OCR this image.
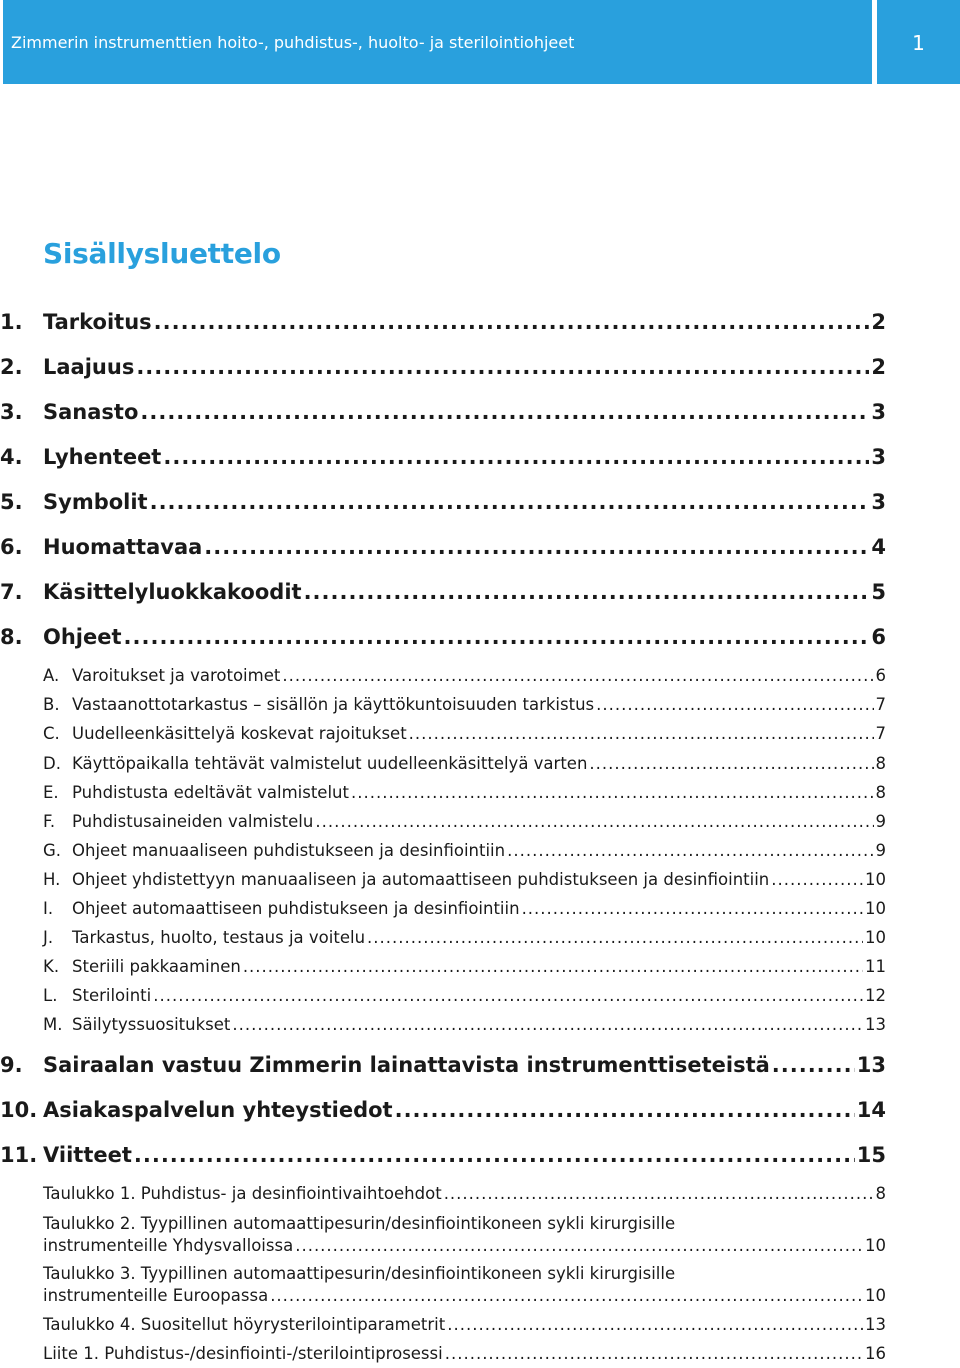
Zimmerin instrumenttien hoito-, puhdistus-, huolto- ja sterilointiohjeet	1
Sisällysluettelo
1. Tarkoitus .....	2
2. Laajuus .....	2
3. Sanasto .....	3
4. Lyhenteet .....	3
5. Symbolit .....	3
6. Huomattavaa .....	4
7. Käsittelyluokkakoodit .....	5
8. Ohjeet .....	6
A. Varoitukset ja varotoimet .....	6
B. Vastaanottotarkastus – sisällön ja käyttökuntoisuuden tarkistus .....	7
C. Uudelleenkäsittelyä koskevat rajoitukset .....	7
D. Käyttöpaikalla tehtävät valmistelut uudelleenkäsittelyä varten .....	8
E. Puhdistusta edeltävät valmistelut .....	8
F.	Puhdistusaineiden valmistelu .....	9
G. Ohjeet manuaaliseen puhdistukseen ja desinfiointiin .....	9
H. Ohjeet yhdistettyyn manuaaliseen ja automaattiseen puhdistukseen ja desinfiointiin .....	10
I.	Ohjeet automaattiseen puhdistukseen ja desinfiointiin .....	10
J.	Tarkastus, huolto, testaus ja voitelu .....	10
K. Steriili pakkaaminen .....	11
L. Sterilointi .....	12
M. Säilytyssuositukset .....	13
9. Sairaalan vastuu Zimmerin lainattavista instrumenttiseteistä .....	13
10. Asiakaspalvelun yhteystiedot .....	14
11. Viitteet .....	15
Taulukko 1. Puhdistus- ja desinfiointivaihtoehdot .....	8
Taulukko 2. Tyypillinen automaattipesurin/desinfiointikoneen sykli kirurgisille
instrumenteille Yhdysvalloissa .....	10
Taulukko 3. Tyypillinen automaattipesurin/desinfiointikoneen sykli kirurgisille
instrumenteille Euroopassa .....	10
Taulukko 4. Suositellut höyrysterilointiparametrit .....	13
Liite 1. Puhdistus-/desinfiointi-/sterilointiprosessi .....	16
